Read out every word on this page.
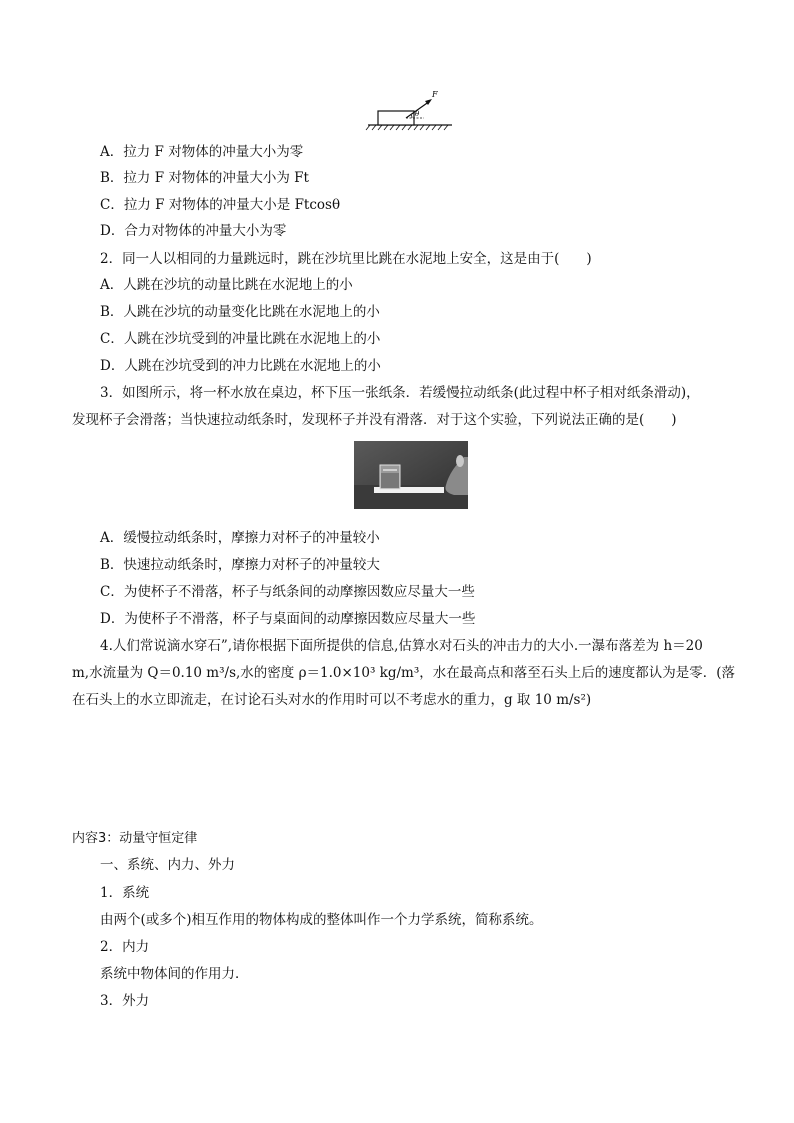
F
θ
A．拉力 F 对物体的冲量大小为零
B．拉力 F 对物体的冲量大小为 Ft
C．拉力 F 对物体的冲量大小是 Ftcosθ
D．合力对物体的冲量大小为零
2．同一人以相同的力量跳远时，跳在沙坑里比跳在水泥地上安全，这是由于(　　)
A．人跳在沙坑的动量比跳在水泥地上的小
B．人跳在沙坑的动量变化比跳在水泥地上的小
C．人跳在沙坑受到的冲量比跳在水泥地上的小
D．人跳在沙坑受到的冲力比跳在水泥地上的小
3．如图所示，将一杯水放在桌边，杯下压一张纸条．若缓慢拉动纸条(此过程中杯子相对纸条滑动)，
发现杯子会滑落；当快速拉动纸条时，发现杯子并没有滑落．对于这个实验，下列说法正确的是(　　)
A．缓慢拉动纸条时，摩擦力对杯子的冲量较小
B．快速拉动纸条时，摩擦力对杯子的冲量较大
C．为使杯子不滑落，杯子与纸条间的动摩擦因数应尽量大一些
D．为使杯子不滑落，杯子与桌面间的动摩擦因数应尽量大一些
4.人们常说滴水穿石”,请你根据下面所提供的信息,估算水对石头的冲击力的大小.一瀑布落差为 h＝20
m,水流量为 Q＝0.10 m³/s,水的密度 ρ＝1.0×10³ kg/m³，水在最高点和落至石头上后的速度都认为是零．(落
在石头上的水立即流走，在讨论石头对水的作用时可以不考虑水的重力，g 取 10 m/s²)
内容3：动量守恒定律
一、系统、内力、外力
1．系统
由两个(或多个)相互作用的物体构成的整体叫作一个力学系统，简称系统。
2．内力
系统中物体间的作用力．
3．外力
